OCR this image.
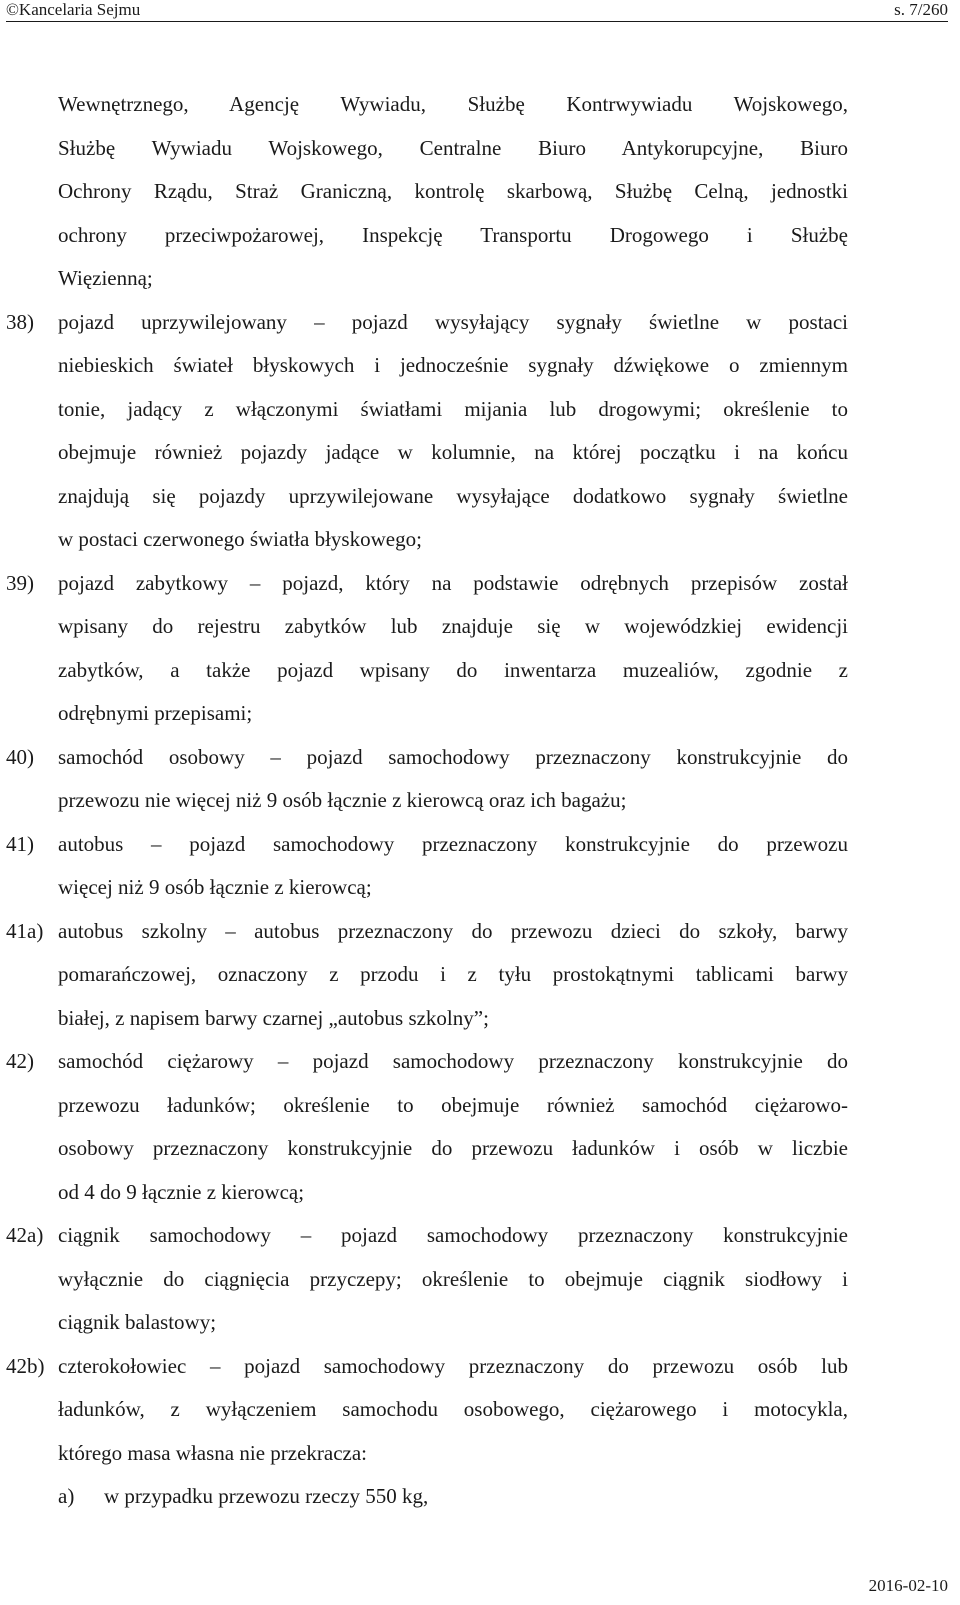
©Kancelaria Sejmu	s. 7/260
Wewnętrznego, Agencję Wywiadu, Służbę Kontrwywiadu Wojskowego,
Służbę Wywiadu Wojskowego, Centralne Biuro Antykorupcyjne, Biuro
Ochrony Rządu, Straż Graniczną, kontrolę skarbową, Służbę Celną, jednostki
ochrony przeciwpożarowej, Inspekcję Transportu Drogowego i Służbę
Więzienną;
38) pojazd uprzywilejowany – pojazd wysyłający sygnały świetlne w postaci
niebieskich świateł błyskowych i jednocześnie sygnały dźwiękowe o zmiennym
tonie, jadący z włączonymi światłami mijania lub drogowymi; określenie to
obejmuje również pojazdy jadące w kolumnie, na której początku i na końcu
znajdują się pojazdy uprzywilejowane wysyłające dodatkowo sygnały świetlne
w postaci czerwonego światła błyskowego;
39) pojazd zabytkowy – pojazd, który na podstawie odrębnych przepisów został
wpisany do rejestru zabytków lub znajduje się w wojewódzkiej ewidencji
zabytków, a także pojazd wpisany do inwentarza muzealiów, zgodnie z
odrębnymi przepisami;
40) samochód osobowy – pojazd samochodowy przeznaczony konstrukcyjnie do
przewozu nie więcej niż 9 osób łącznie z kierowcą oraz ich bagażu;
41) autobus – pojazd samochodowy przeznaczony konstrukcyjnie do przewozu
więcej niż 9 osób łącznie z kierowcą;
41a) autobus szkolny – autobus przeznaczony do przewozu dzieci do szkoły, barwy
pomarańczowej, oznaczony z przodu i z tyłu prostokątnymi tablicami barwy
białej, z napisem barwy czarnej „autobus szkolny”;
42) samochód ciężarowy – pojazd samochodowy przeznaczony konstrukcyjnie do
przewozu ładunków; określenie to obejmuje również samochód ciężarowo-
osobowy przeznaczony konstrukcyjnie do przewozu ładunków i osób w liczbie
od 4 do 9 łącznie z kierowcą;
42a) ciągnik samochodowy – pojazd samochodowy przeznaczony konstrukcyjnie
wyłącznie do ciągnięcia przyczepy; określenie to obejmuje ciągnik siodłowy i
ciągnik balastowy;
42b) czterokołowiec – pojazd samochodowy przeznaczony do przewozu osób lub
ładunków, z wyłączeniem samochodu osobowego, ciężarowego i motocykla,
którego masa własna nie przekracza:
a) w przypadku przewozu rzeczy 550 kg,
2016-02-10
